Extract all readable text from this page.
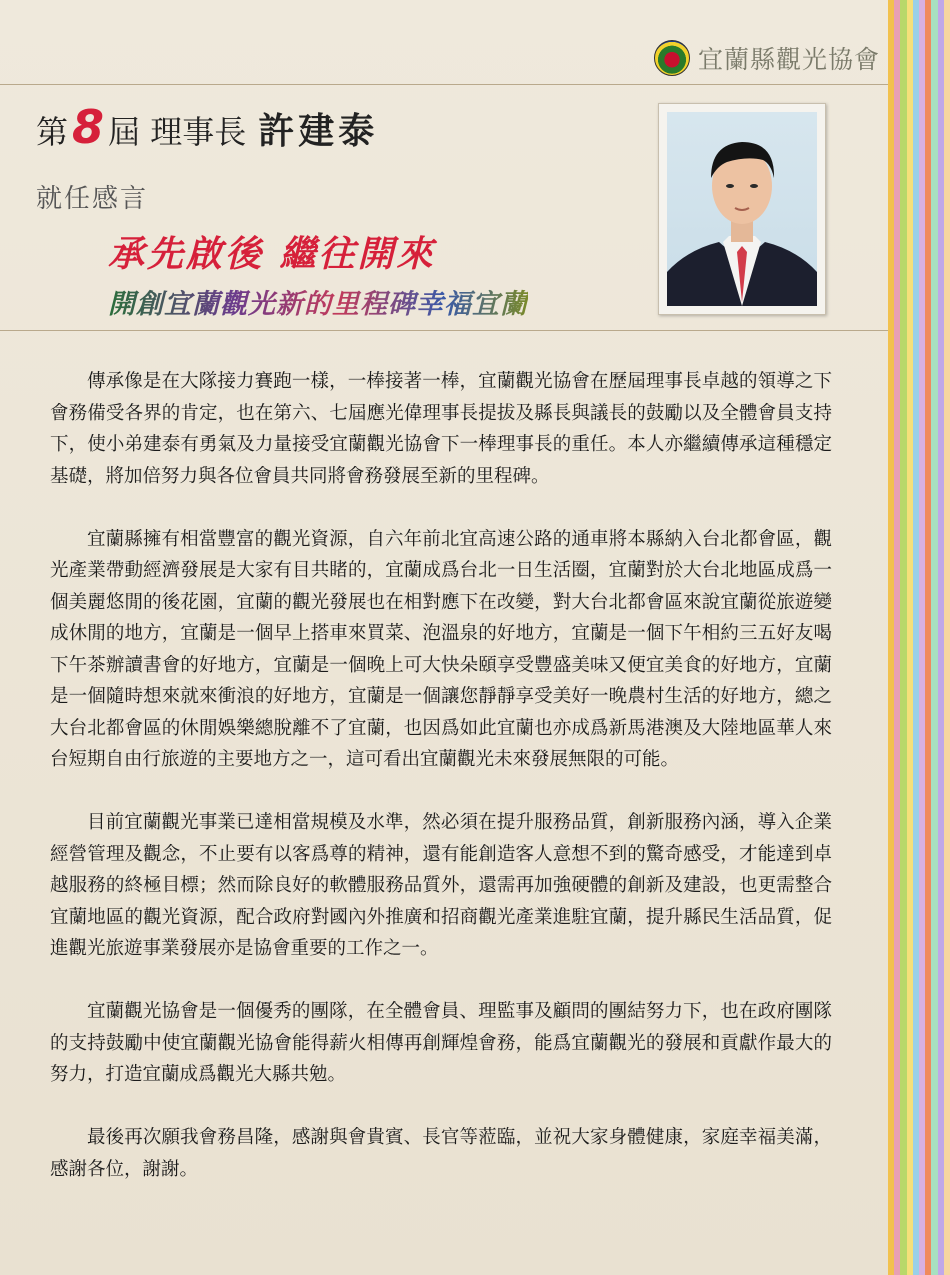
宜蘭縣觀光協會
第 8 屆 理事長 許建泰
就任感言
承先啟後 繼往開來
開創宜蘭觀光新的里程碑幸福宜蘭

傳承像是在大隊接力賽跑一樣，一棒接著一棒，宜蘭觀光協會在歷屆理事長卓越的領導之下會務備受各界的肯定，也在第六、七屆應光偉理事長提拔及縣長與議長的鼓勵以及全體會員支持下，使小弟建泰有勇氣及力量接受宜蘭觀光協會下一棒理事長的重任。本人亦繼續傳承這種穩定基礎，將加倍努力與各位會員共同將會務發展至新的里程碑。

宜蘭縣擁有相當豐富的觀光資源，自六年前北宜高速公路的通車將本縣納入台北都會區，觀光產業帶動經濟發展是大家有目共睹的，宜蘭成爲台北一日生活圈，宜蘭對於大台北地區成爲一個美麗悠閒的後花園，宜蘭的觀光發展也在相對應下在改變，對大台北都會區來說宜蘭從旅遊變成休閒的地方，宜蘭是一個早上搭車來買菜、泡溫泉的好地方，宜蘭是一個下午相約三五好友喝下午茶辦讀書會的好地方，宜蘭是一個晚上可大快朵頤享受豐盛美味又便宜美食的好地方，宜蘭是一個隨時想來就來衝浪的好地方，宜蘭是一個讓您靜靜享受美好一晚農村生活的好地方，總之大台北都會區的休閒娛樂總脫離不了宜蘭，也因爲如此宜蘭也亦成爲新馬港澳及大陸地區華人來台短期自由行旅遊的主要地方之一，這可看出宜蘭觀光未來發展無限的可能。

目前宜蘭觀光事業已達相當規模及水準，然必須在提升服務品質，創新服務內涵，導入企業經營管理及觀念，不止要有以客爲尊的精神，還有能創造客人意想不到的驚奇感受，才能達到卓越服務的終極目標；然而除良好的軟體服務品質外，還需再加強硬體的創新及建設，也更需整合宜蘭地區的觀光資源，配合政府對國內外推廣和招商觀光產業進駐宜蘭，提升縣民生活品質，促進觀光旅遊事業發展亦是協會重要的工作之一。

宜蘭觀光協會是一個優秀的團隊，在全體會員、理監事及顧問的團結努力下，也在政府團隊的支持鼓勵中使宜蘭觀光協會能得薪火相傳再創輝煌會務，能爲宜蘭觀光的發展和貢獻作最大的努力，打造宜蘭成爲觀光大縣共勉。

最後再次願我會務昌隆，感謝與會貴賓、長官等蒞臨，並祝大家身體健康，家庭幸福美滿，感謝各位，謝謝。
